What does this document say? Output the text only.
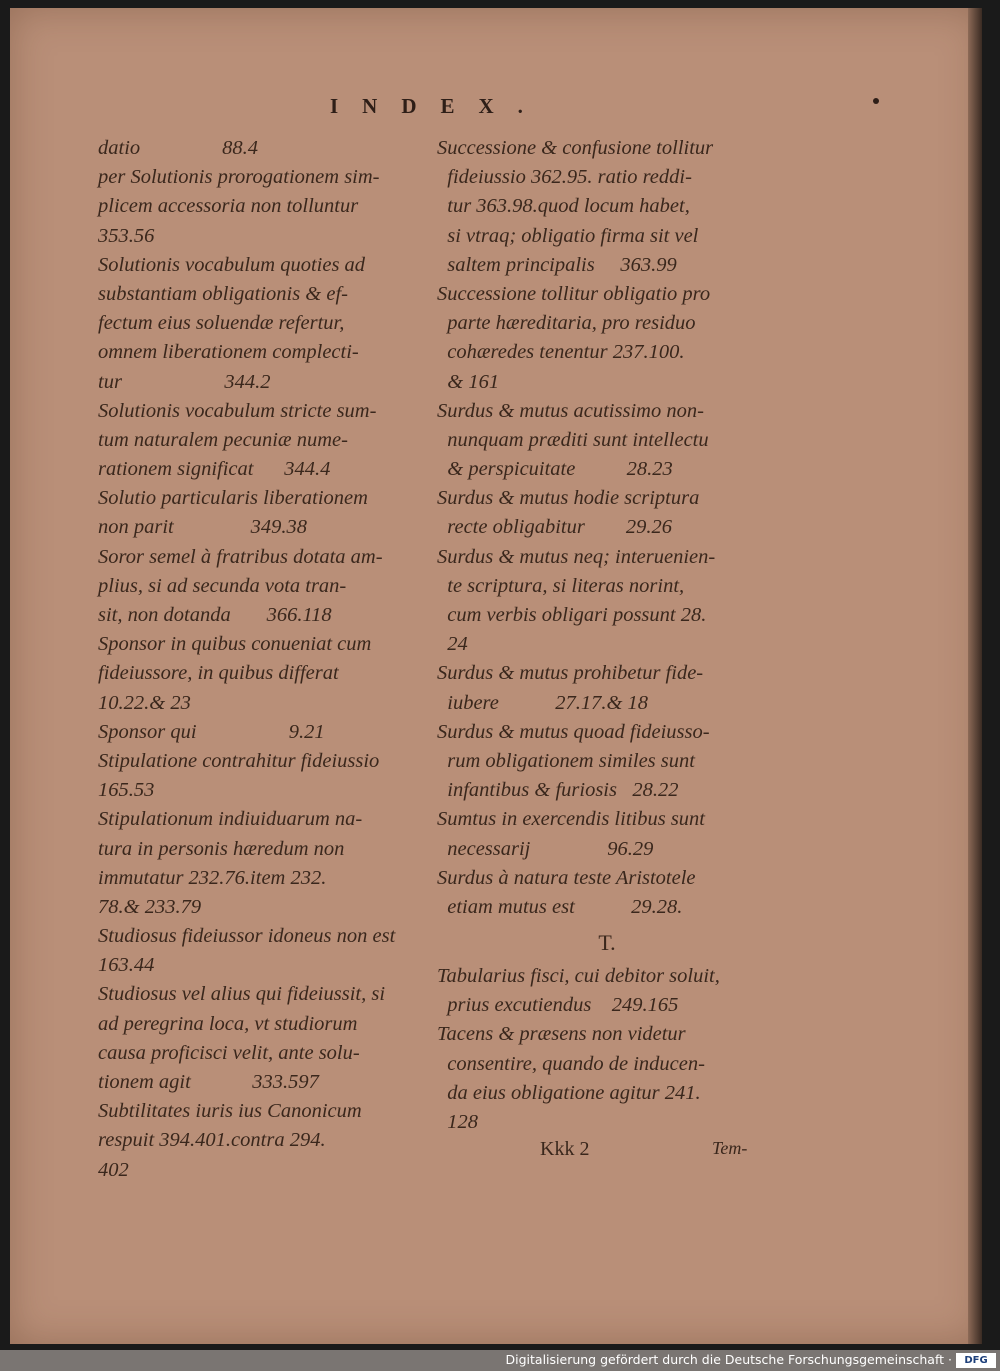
INDEX.
datio                88.4
per Solutionis prorogationem sim-
plicem accessoria non tolluntur
353.56
Solutionis vocabulum quoties ad
substantiam obligationis & ef-
fectum eius soluendæ refertur,
omnem liberationem complecti-
tur                    344.2
Solutionis vocabulum stricte sum-
tum naturalem pecuniæ nume-
rationem significat      344.4
Solutio particularis liberationem
non parit               349.38
Soror semel à fratribus dotata am-
plius, si ad secunda vota tran-
sit, non dotanda       366.118
Sponsor in quibus conueniat cum
fideiussore, in quibus differat
10.22.& 23
Sponsor qui                  9.21
Stipulatione contrahitur fideiussio
165.53
Stipulationum indiuiduarum na-
tura in personis hæredum non
immutatur 232.76.item 232.
78.& 233.79
Studiosus fideiussor idoneus non est
163.44
Studiosus vel alius qui fideiussit, si
ad peregrina loca, vt studiorum
causa proficisci velit, ante solu-
tionem agit            333.597
Subtilitates iuris ius Canonicum
respuit 394.401.contra 294.
402
Successione & confusione tollitur
fideiussio 362.95. ratio reddi-
tur 363.98.quod locum habet,
si vtraq; obligatio firma sit vel
saltem principalis     363.99
Successione tollitur obligatio pro
parte hæreditaria, pro residuo
cohæredes tenentur 237.100.
& 161
Surdus & mutus acutissimo non-
nunquam præditi sunt intellectu
& perspicuitate          28.23
Surdus & mutus hodie scriptura
recte obligabitur        29.26
Surdus & mutus neq; interuenien-
te scriptura, si literas norint,
cum verbis obligari possunt 28.
24
Surdus & mutus prohibetur fide-
iubere           27.17.& 18
Surdus & mutus quoad fideiusso-
rum obligationem similes sunt
infantibus & furiosis   28.22
Sumtus in exercendis litibus sunt
necessarij               96.29
Surdus à natura teste Aristotele
etiam mutus est           29.28.
T.
Tabularius fisci, cui debitor soluit,
prius excutiendus    249.165
Tacens & præsens non videtur
consentire, quando de inducen-
da eius obligatione agitur 241.
128
Kkk 2	Tem-
Digitalisierung gefördert durch die Deutsche Forschungsgemeinschaft ·	DFG
